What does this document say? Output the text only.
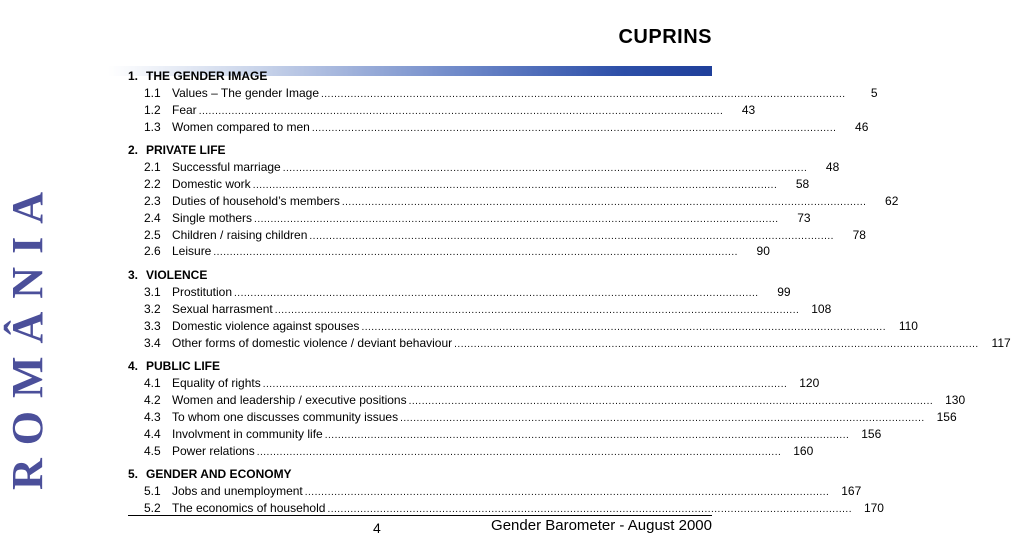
ROMÂNIA
CUPRINS
1. THE GENDER IMAGE
1.1 Values – The gender Image ................................................................................................................................................................	5
1.2 Fear ................................................................................................................................................................	43
1.3 Women compared to men ................................................................................................................................................................	46
2. PRIVATE LIFE
2.1 Successful marriage ................................................................................................................................................................	48
2.2 Domestic work ................................................................................................................................................................	58
2.3 Duties of household’s members ................................................................................................................................................................	62
2.4 Single mothers ................................................................................................................................................................	73
2.5 Children / raising children ................................................................................................................................................................	78
2.6 Leisure ................................................................................................................................................................	90
3. VIOLENCE
3.1 Prostitution ................................................................................................................................................................	99
3.2 Sexual harrasment ................................................................................................................................................................ 108
3.3 Domestic violence against spouses ................................................................................................................................................................	110
3.4 Other forms of domestic violence / deviant behaviour ................................................................................................................................................................	117
4. PUBLIC LIFE
4.1 Equality of rights ................................................................................................................................................................ 120
4.2 Women and leadership / executive positions ................................................................................................................................................................ 130
4.3 To whom one discusses community issues ................................................................................................................................................................ 156
4.4 Involvment in community life ................................................................................................................................................................ 156
4.5 Power relations ................................................................................................................................................................ 160
5. GENDER AND ECONOMY
5.1 Jobs and unemployment ................................................................................................................................................................ 167
5.2 The economics of household ................................................................................................................................................................ 170
4	Gender Barometer - August 2000
